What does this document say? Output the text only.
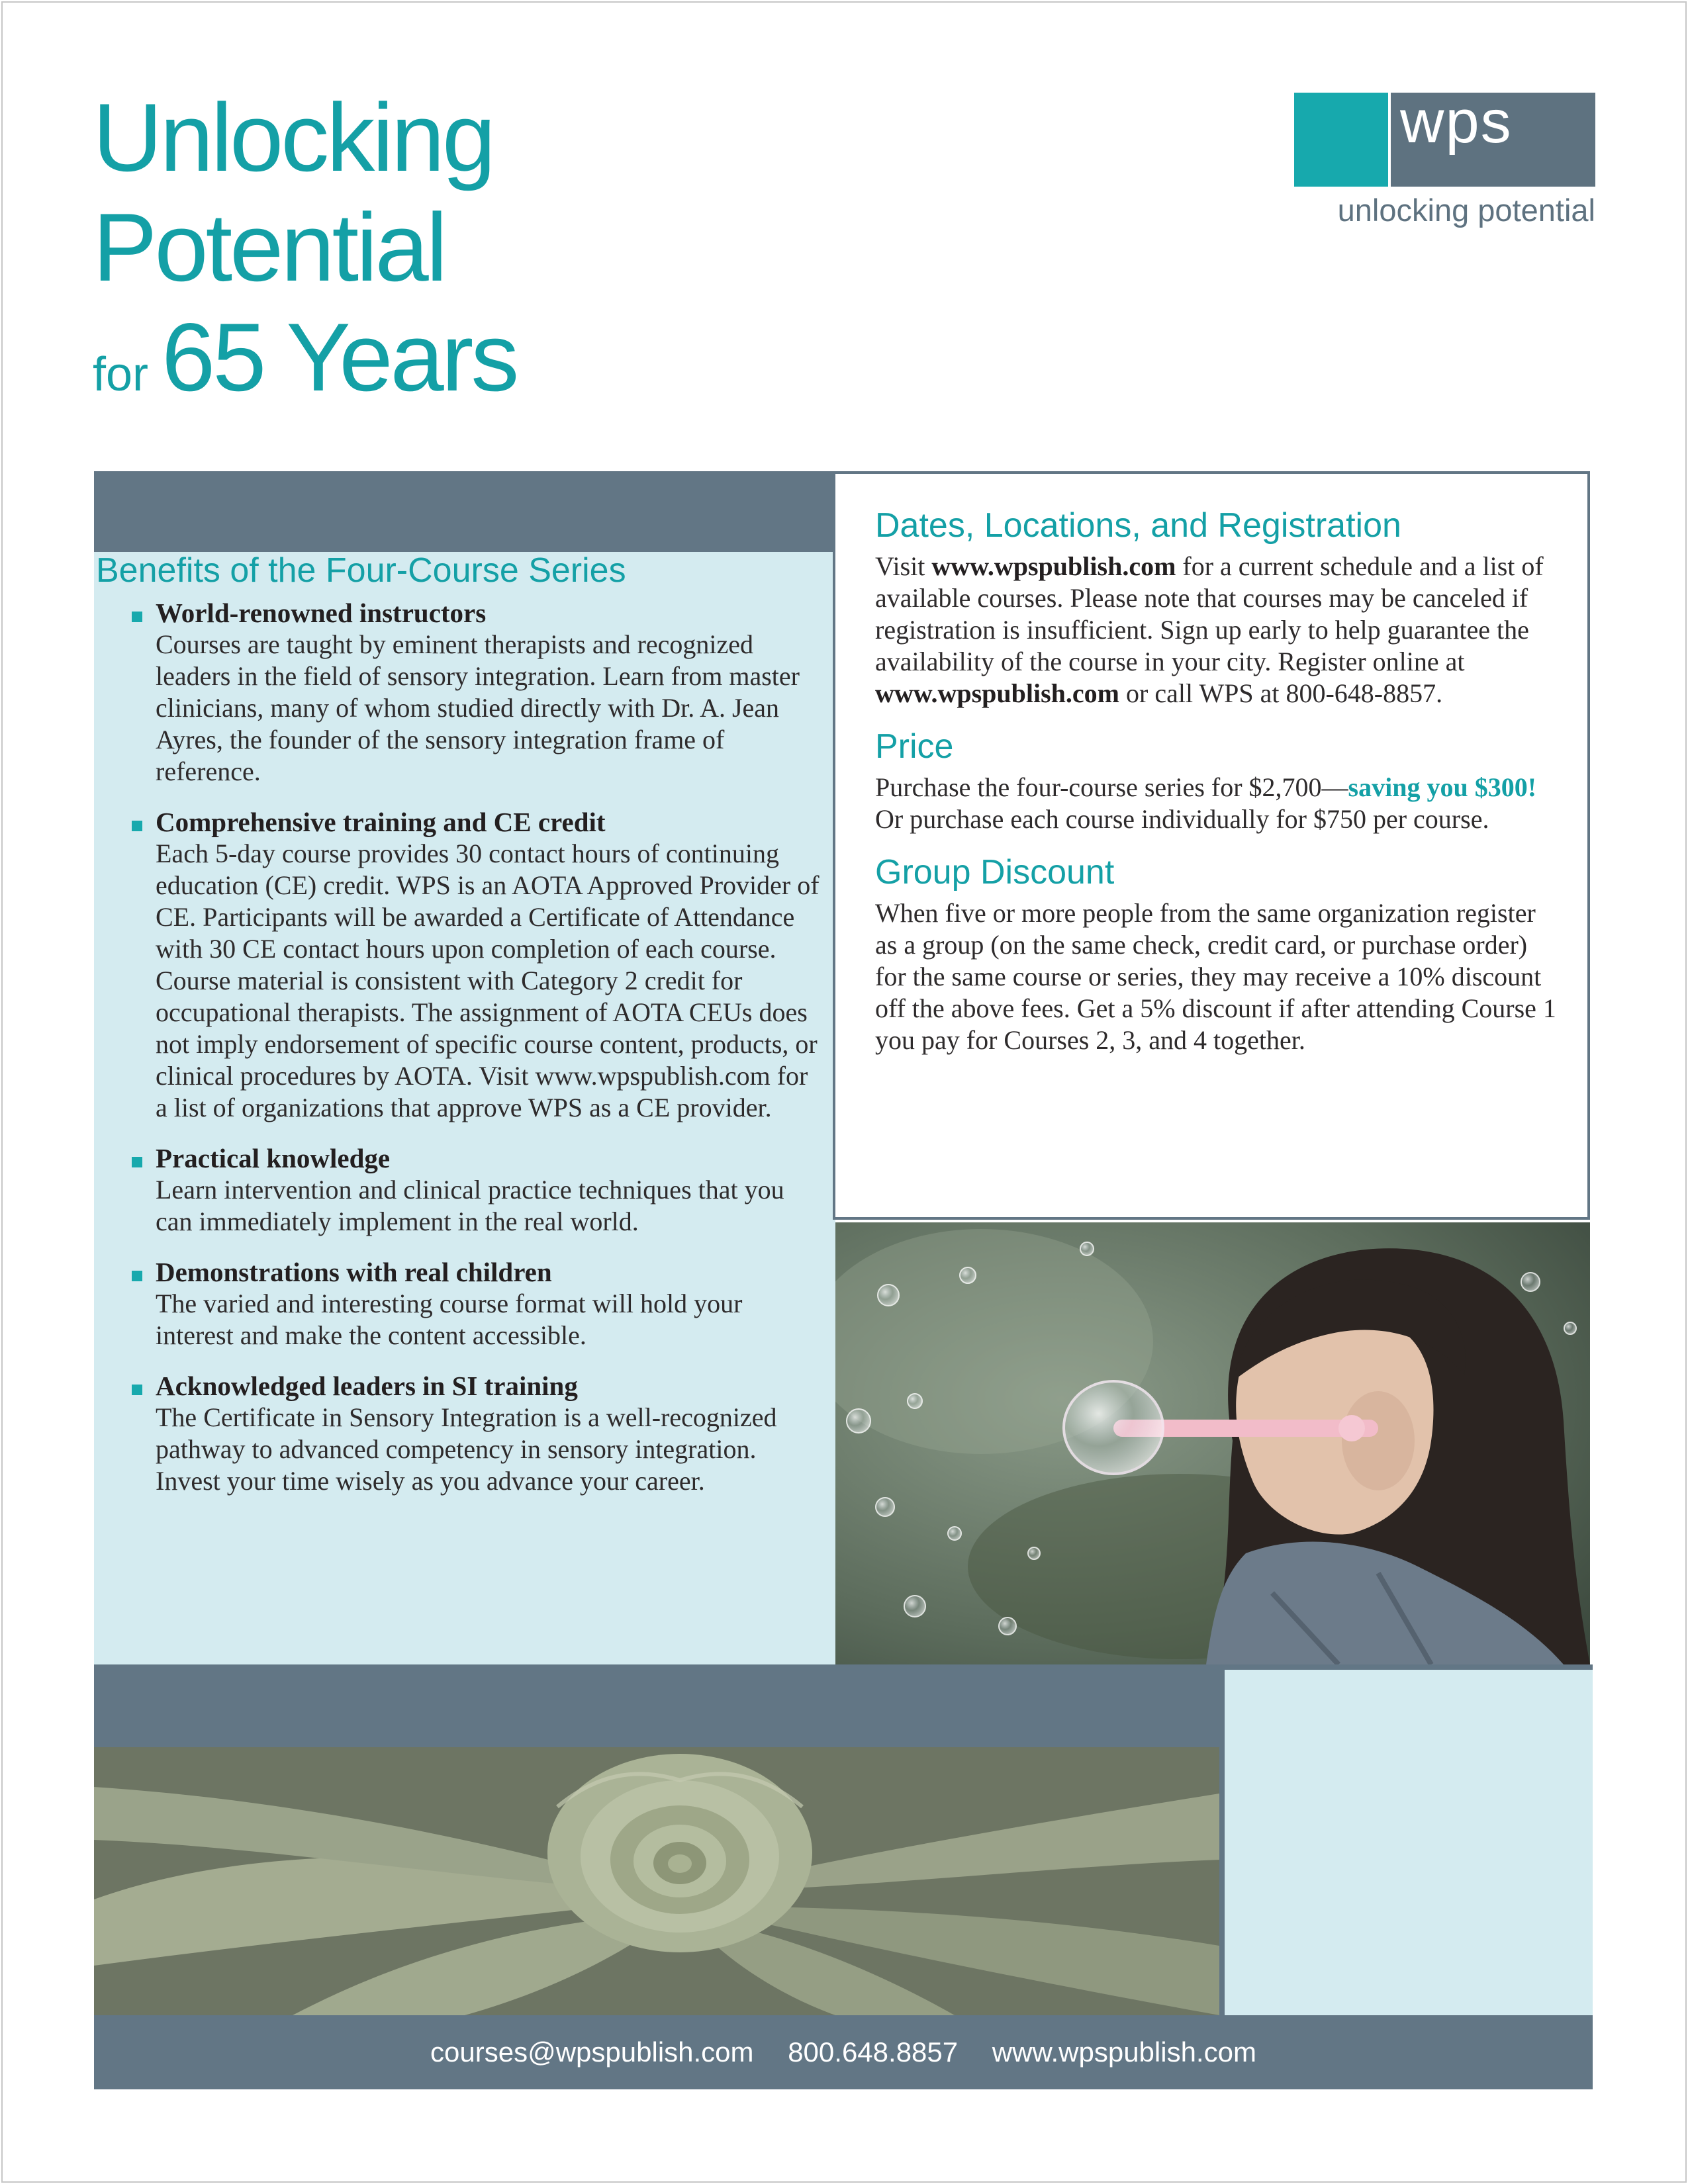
Unlocking
Potential
for 65 Years
wps
unlocking potential
Benefits of the Four-Course Series
World-renowned instructors
Courses are taught by eminent therapists and recognized leaders in the field of sensory integration. Learn from master clinicians, many of whom studied directly with Dr. A. Jean Ayres, the founder of the sensory integration frame of reference.
Comprehensive training and CE credit
Each 5-day course provides 30 contact hours of continuing education (CE) credit. WPS is an AOTA Approved Provider of CE. Participants will be awarded a Certificate of Attendance with 30 CE contact hours upon completion of each course. Course material is consistent with Category 2 credit for occupational therapists. The assignment of AOTA CEUs does not imply endorsement of specific course content, products, or clinical procedures by AOTA. Visit www.wpspublish.com for a list of organizations that approve WPS as a CE provider.
Practical knowledge
Learn intervention and clinical practice techniques that you can immediately implement in the real world.
Demonstrations with real children
The varied and interesting course format will hold your interest and make the content accessible.
Acknowledged leaders in SI training
The Certificate in Sensory Integration is a well-recognized pathway to advanced competency in sensory integration. Invest your time wisely as you advance your career.
Dates, Locations, and Registration

Visit www.wpspublish.com for a current schedule and a list of available courses. Please note that courses may be canceled if registration is insufficient. Sign up early to help guarantee the availability of the course in your city. Register online at www.wpspublish.com or call WPS at 800-648-8857.

Price

Purchase the four-course series for $2,700—saving you $300! Or purchase each course individually for $750 per course.

Group Discount

When five or more people from the same organization register as a group (on the same check, credit card, or purchase order) for the same course or series, they may receive a 10% discount off the above fees. Get a 5% discount if after attending Course 1 you pay for Courses 2, 3, and 4 together.

courses@wpspublish.com 800.648.8857 www.wpspublish.com
